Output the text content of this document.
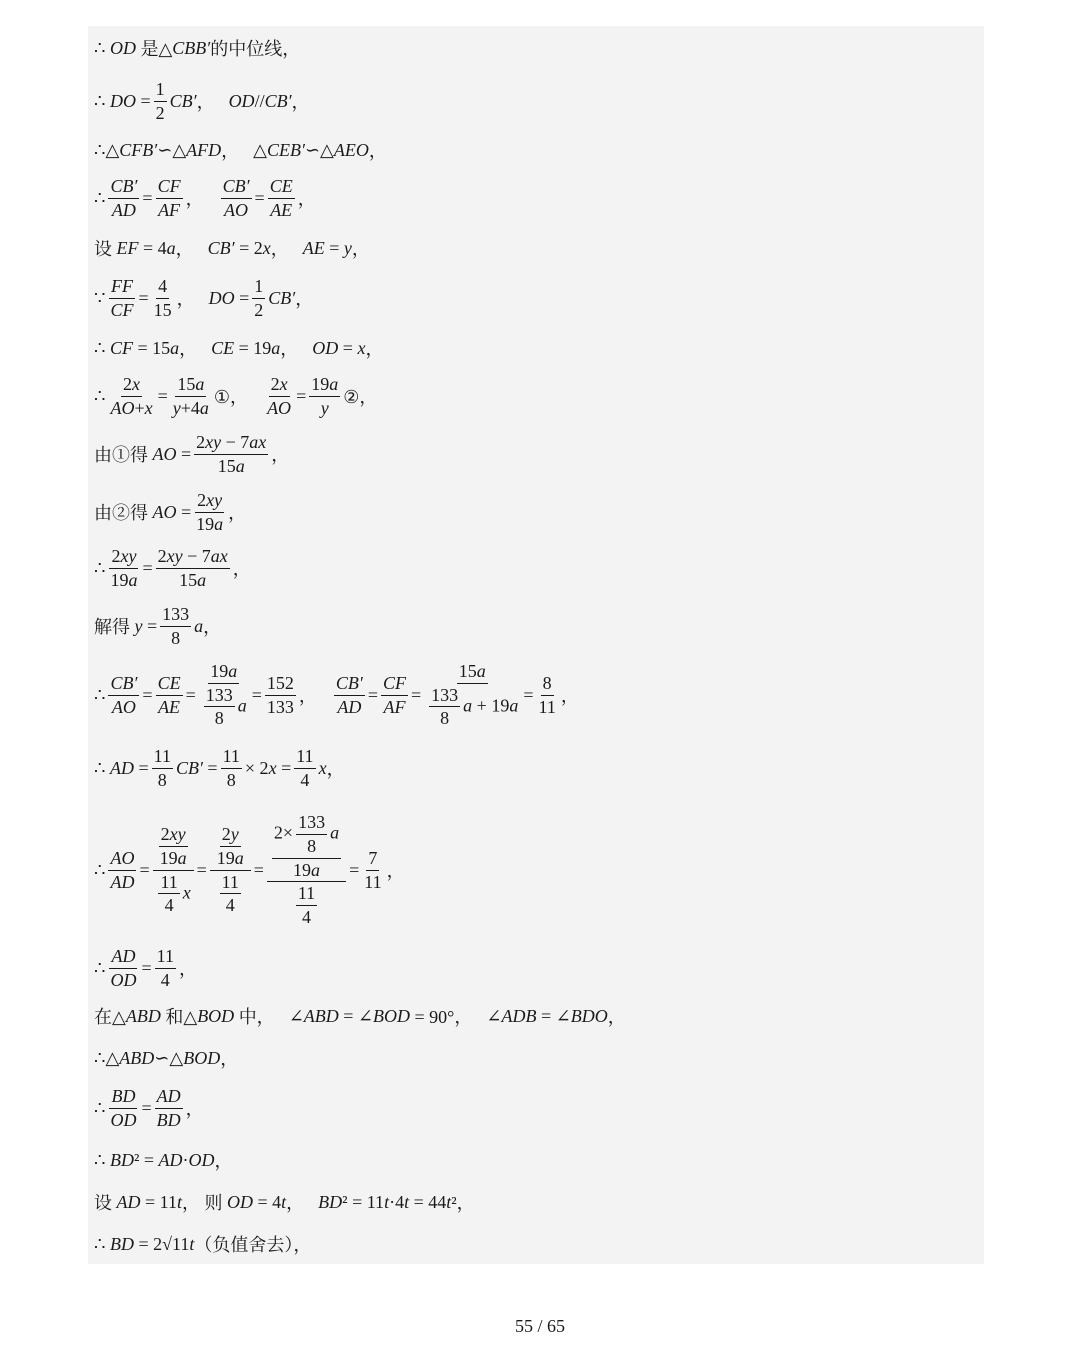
∴ OD 是△ CBB′ 的中位线，
∴ DO = $\frac{1}{2} CB'$ ， OD // CB′ ，
∴△ CFB′ ∽△ AFD ， △ CEB′ ∽△ AEO ，
∴ $\frac{CB'}{AD} = \frac{CF}{AF}$ ， $\frac{CB'}{AO} = \frac{CE}{AE}$ ，
设 EF = 4 a ， CB′ = 2 x ， AE = y ，
∵ $\frac{FF}{CF} = \frac{4}{15}$ ， DO = $\frac{1}{2} CB'$ ，
∴ CF = 15 a ， CE = 19 a ， OD = x ，
∴ $\frac{2x}{AO+x} = \frac{15a}{y+4a}$ ①， $\frac{2x}{AO} = \frac{19a}{y}$ ②，
由①得 AO = $\frac{2xy - 7ax}{15a}$ ，
由②得 AO = $\frac{2xy}{19a}$ ，
∴ $\frac{2xy}{19a} = \frac{2xy - 7ax}{15a}$ ，
解得 $y = \frac{133}{8}$ a ，
∴ $\frac{CB'}{AO} = \frac{CE}{AE} = \frac{19a}{\frac{133}{8} a} = \frac{152}{133}$ ， $\frac{CB'}{AD} = \frac{CF}{AF} = \frac{15a}{\frac{133}{8} a + 19a} = \frac{8}{11}$ ，
∴ AD = $\frac{11}{8} CB' = \frac{11}{8} \times 2$ $x = \frac{11}{4}$ x ，
∴ $\frac{AO}{AD} = \frac{\frac{2xy}{19a}}{\frac{11}{4} x} = \frac{\frac{2y}{19a}}{\frac{11}{4}} = \frac{\frac{2\times \frac{133}{8} a}{19a}}{\frac{11}{4}} = \frac{7}{11}$ ，
∴ $\frac{AD}{OD} = \frac{11}{4}$ ，
在△ ABD 和△ BOD 中， ∠ ABD = ∠ BOD = 90°， ∠ ADB = ∠ BDO ，
∴△ ABD ∽△ BOD ，
∴ $\frac{BD}{OD} = \frac{AD}{BD}$ ，
∴ BD ² = AD · OD ，
设 AD = 11 t ， 则 OD = 4 t ， BD ² = 11 t ·4 t = 44 t ²，
∴ BD = 2√11 t （负值舍去），
55 / 65
